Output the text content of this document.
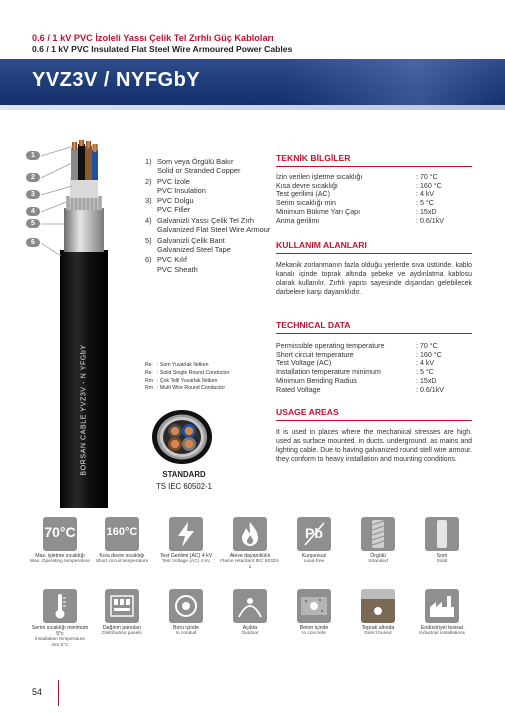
0.6 / 1 kV PVC İzoleli Yassı Çelik Tel Zırhlı Güç Kabloları
0.6 / 1 kV PVC Insulated Flat Steel Wire Armoured Power Cables
YVZ3V / NYFGbY
1
2
3
4
5
6
BORSAN CABLE YVZ3V - N YFGbY
1) Som veya Örgülü Bakır
Solid or Stranded Copper
2) PVC İzole
PVC Insulation
3) PVC Dolgu
PVC Filler
4) Galvanizli Yassı Çelik Tel Zırh
Galvanized Flat Steel Wire Armour
5) Galvanizli Çelik Bant
Galvanized Steel Tape
6) PVC Kılıf
PVC Sheath
Re : Som Yuvarlak İletken
Re : Solid Single Round Conductor
Rm : Çok Telli Yuvarlak İletken
Rm : Multi Wire Round Conductor
STANDARD
TS IEC 60502-1
TEKNİK BİLGİLER
İzin verilen işletme sıcaklığı	: 70 °C
Kısa devre sıcaklığı	: 160 °C
Test gerilimi (AC)	: 4 kV
Serim sıcaklığı min	: 5 °C
Minimum Bükme Yarı Çapı	: 15xD
Anma gerilimi	: 0.6/1kV
KULLANIM ALANLARI
Mekanik zorlanmanın fazla olduğu yerlerde sıva üstünde. kablo kanalı içinde toprak altında şebeke ve aydınlatma kablosu olarak kullanılır. Zırhlı yapısı sayesinde dışarıdan gelebilecek darbelere karşı dayanıklıdır.
TECHNICAL DATA
Permissible operating temperature	: 70 °C
Short circuit temperature	: 160 °C
Test Voltage (AC)	: 4 kV
Installation temperature minimum	: 5 °C
Minimum Bending Radius	: 15xD
Rated Voltage	: 0.6/1kV
USAGE AREAS
It is used in places where the mechanical stresses are high. used as surface mounted. in ducts. underground. as mains and lighting cable. Due to having galvanized round stell wire armour. they conform to heavy installation and mounting conditions.
70°C
Max. işletme sıcaklığı
Max. Operating temperature
160°C
Kısa devre sıcaklığı
Short circuit temperature
Test Gerilimi (AC) 4 kV
Test Voltage (AC) 4 kV
Aleve dayanıklılık
Flame retardant IEC 60332-1
Pb
Kurşunsuz
Lead-free
Örgülü
Stranded
Som
Solid
Serim sıcaklığı minimum 5°c
Installation temperature min.5°C
Dağıtım panoları
Distribution panels
Boru içinde
In conduit
Açıkta
Outdoor
Beton içinde
In concrete
Toprak altında
Direct buried
Endüstriyel tesisat
Industrial installations
54
